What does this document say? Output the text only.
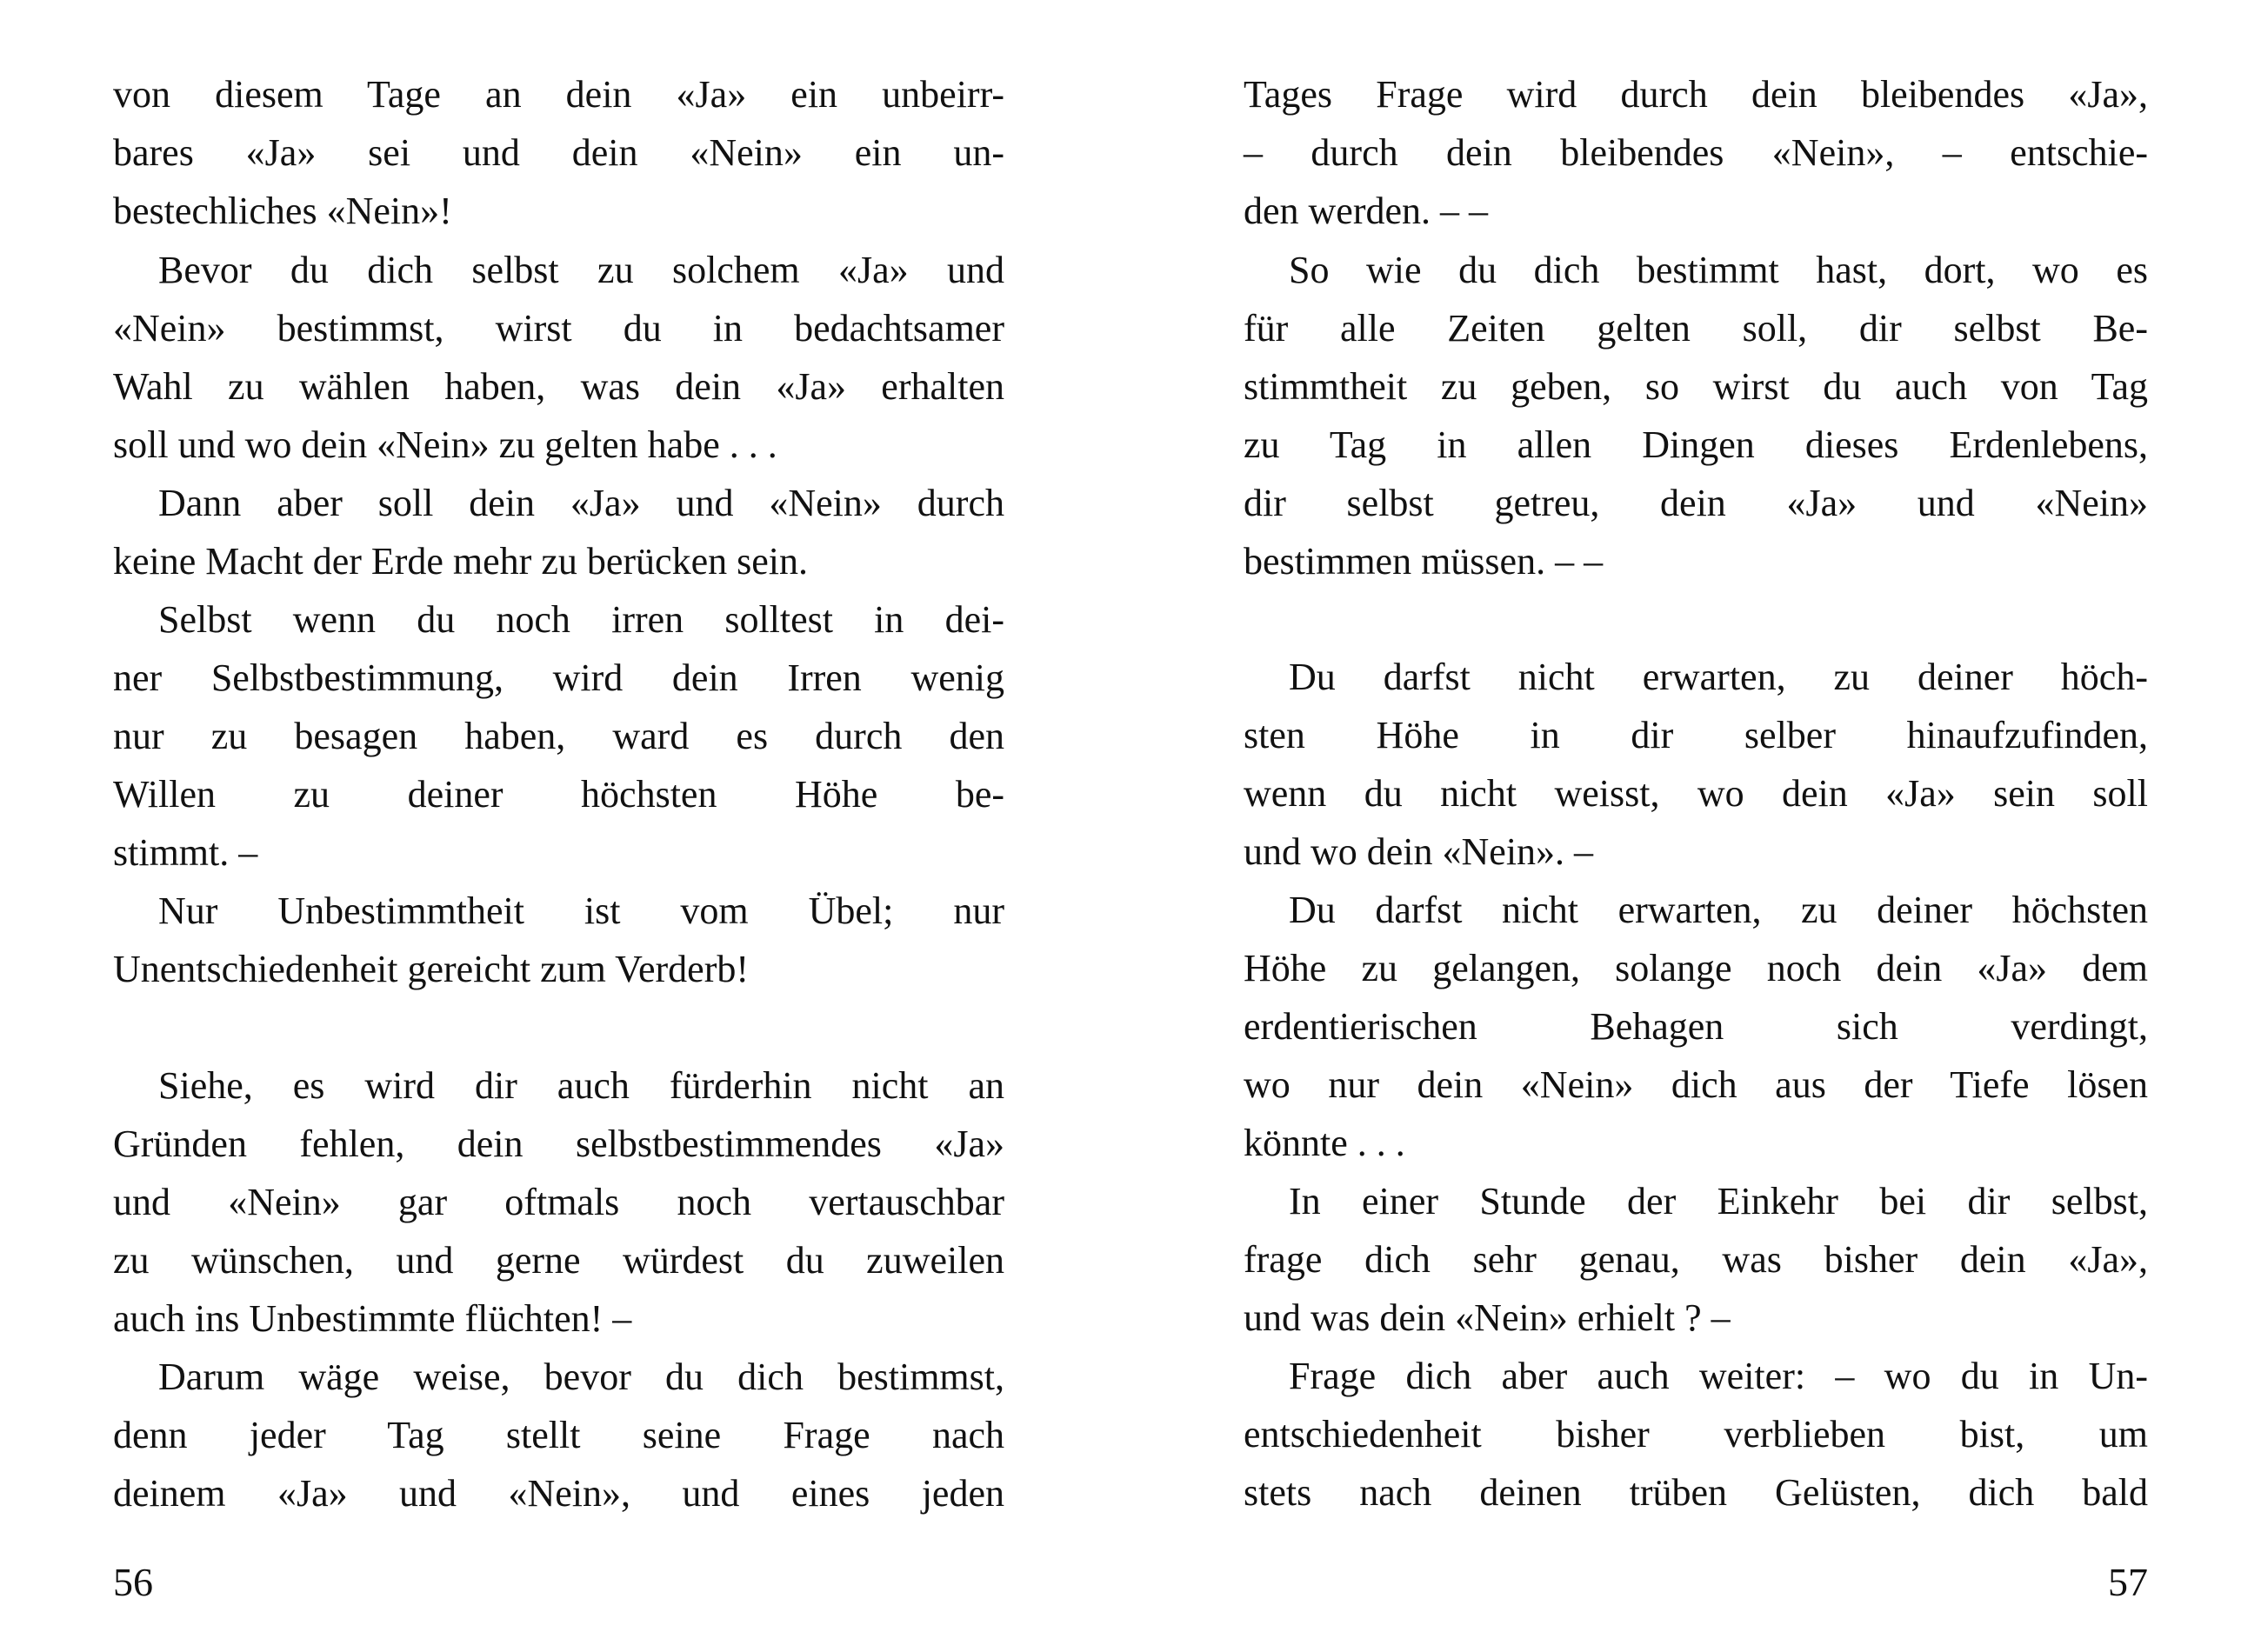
von diesem Tage an dein «Ja» ein unbeirr-
bares «Ja» sei und dein «Nein» ein un-
bestechliches «Nein»!
Bevor du dich selbst zu solchem «Ja» und
«Nein» bestimmst, wirst du in bedachtsamer
Wahl zu wählen haben, was dein «Ja» erhalten
soll und wo dein «Nein» zu gelten habe . . .
Dann aber soll dein «Ja» und «Nein» durch
keine Macht der Erde mehr zu berücken sein.
Selbst wenn du noch irren solltest in dei-
ner Selbstbestimmung, wird dein Irren wenig
nur zu besagen haben, ward es durch den
Willen zu deiner höchsten Höhe be-
stimmt. –
Nur Unbestimmtheit ist vom Übel; nur
Unentschiedenheit gereicht zum Verderb!
Siehe, es wird dir auch fürderhin nicht an
Gründen fehlen, dein selbstbestimmendes «Ja»
und «Nein» gar oftmals noch vertauschbar
zu wünschen, und gerne würdest du zuweilen
auch ins Unbestimmte flüchten! –
Darum wäge weise, bevor du dich bestimmst,
denn jeder Tag stellt seine Frage nach
deinem «Ja» und «Nein», und eines jeden
56
Tages Frage wird durch dein bleibendes «Ja»,
– durch dein bleibendes «Nein», – entschie-
den werden. – –
So wie du dich bestimmt hast, dort, wo es
für alle Zeiten gelten soll, dir selbst Be-
stimmtheit zu geben, so wirst du auch von Tag
zu Tag in allen Dingen dieses Erdenlebens,
dir selbst getreu, dein «Ja» und «Nein»
bestimmen müssen. – –
Du darfst nicht erwarten, zu deiner höch-
sten Höhe in dir selber hinaufzufinden,
wenn du nicht weisst, wo dein «Ja» sein soll
und wo dein «Nein». –
Du darfst nicht erwarten, zu deiner höchsten
Höhe zu gelangen, solange noch dein «Ja» dem
erdentierischen Behagen sich verdingt,
wo nur dein «Nein» dich aus der Tiefe lösen
könnte . . .
In einer Stunde der Einkehr bei dir selbst,
frage dich sehr genau, was bisher dein «Ja»,
und was dein «Nein» erhielt ? –
Frage dich aber auch weiter: – wo du in Un-
entschiedenheit bisher verblieben bist, um
stets nach deinen trüben Gelüsten, dich bald
57
